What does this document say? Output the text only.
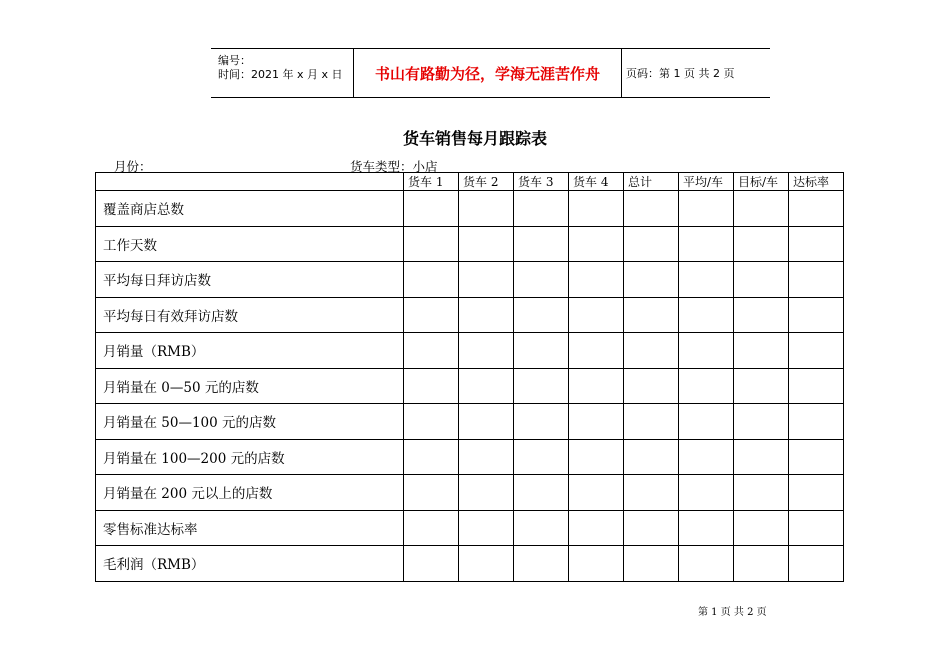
编号：
时间：2021 年 x 月 x 日	书山有路勤为径，学海无涯苦作舟	页码：第 1 页 共 2 页
货车销售每月跟踪表
月份：	货车类型：小店
	货车 1	货车 2	货车 3	货车 4	总计	平均/车	目标/车	达标率
覆盖商店总数								
工作天数								
平均每日拜访店数								
平均每日有效拜访店数								
月销量（RMB）								
月销量在 0—50 元的店数								
月销量在 50—100 元的店数								
月销量在 100—200 元的店数								
月销量在 200 元以上的店数								
零售标准达标率								
毛利润（RMB）								
第 1 页 共 2 页
